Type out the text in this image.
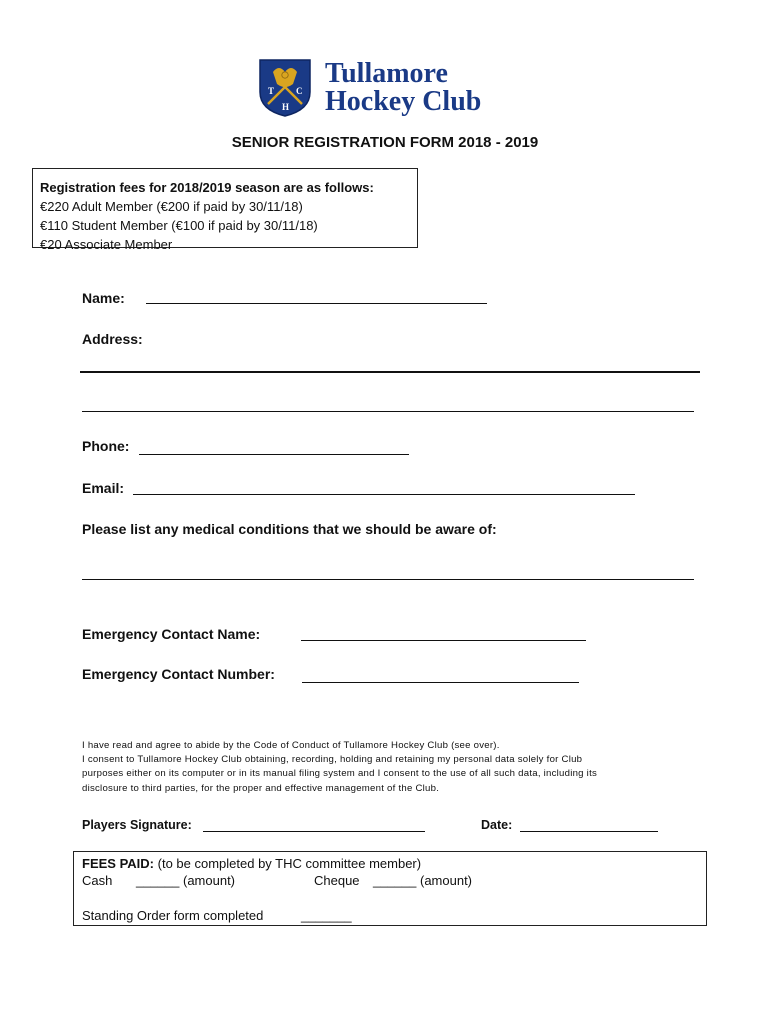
T C
H
Tullamore
Hockey Club
SENIOR REGISTRATION FORM 2018 - 2019
Registration fees for 2018/2019 season are as follows:
€220 Adult Member (€200 if paid by 30/11/18)
€110 Student Member (€100 if paid by 30/11/18)
€20 Associate Member
Name:
Address:
Phone:
Email:
Please list any medical conditions that we should be aware of:
Emergency Contact Name:
Emergency Contact Number:
I have read and agree to abide by the Code of Conduct of Tullamore Hockey Club (see over).
I consent to Tullamore Hockey Club obtaining, recording, holding and retaining my personal data solely for Club
purposes either on its computer or in its manual filing system and I consent to the use of all such data, including its
disclosure to third parties, for the proper and effective management of the Club.
Players Signature:	Date:
FEES PAID: (to be completed by THC committee member)
Cash ______ (amount)	Cheque ______ (amount)
Standing Order form completed	_______
